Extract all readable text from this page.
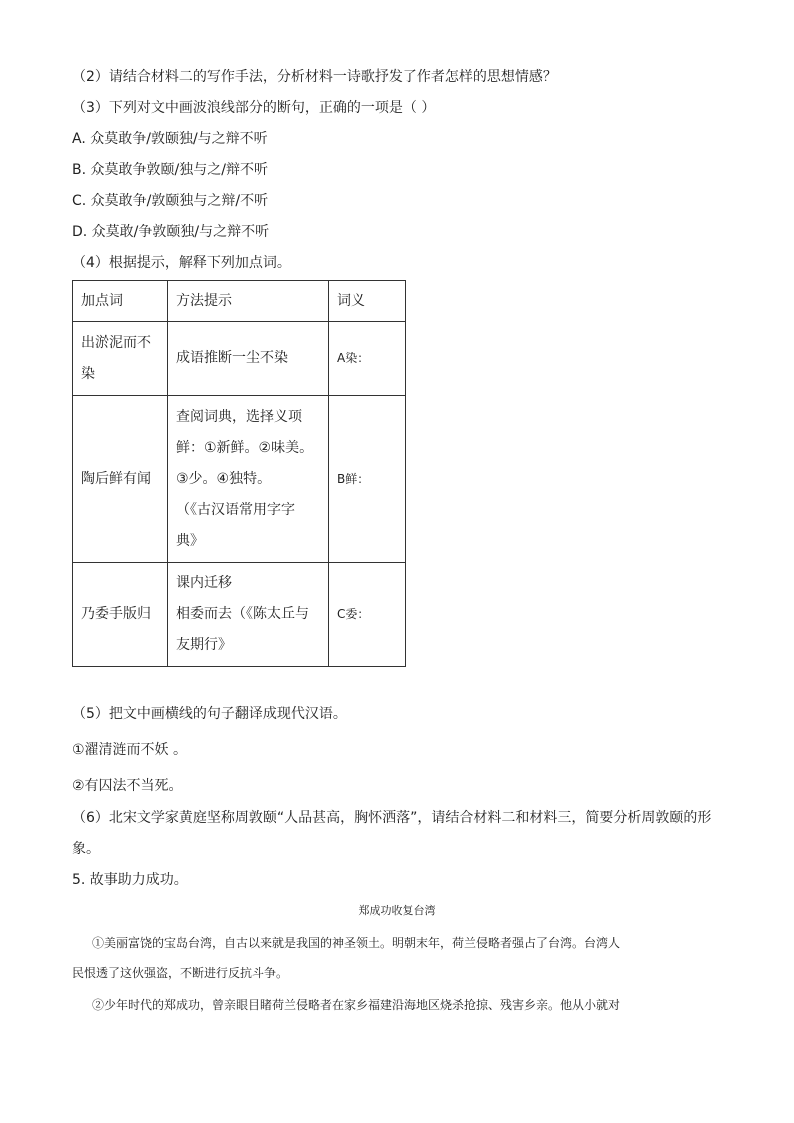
（2）请结合材料二的写作手法，分析材料一诗歌抒发了作者怎样的思想情感？
（3）下列对文中画波浪线部分的断句，正确的一项是（ ）
A. 众莫敢争/敦颐独/与之辩不听
B. 众莫敢争敦颐/独与之/辩不听
C. 众莫敢争/敦颐独与之辩/不听
D. 众莫敢/争敦颐独/与之辩不听
（4）根据提示，解释下列加点词。
加点词	方法提示	词义

出淤泥而不
染	成语推断一尘不染	A染：

陶后鲜有闻	查阅词典，选择义项
鲜：①新鲜。②味美。
③少。④独特。
（《古汉语常用字字
典》	B鲜：

乃委手版归	课内迁移
相委而去（《陈太丘与
友期行》	C委：
（5）把文中画横线的句子翻译成现代汉语。
①濯清涟而不妖 。
②有囚法不当死。
（6）北宋文学家黄庭坚称周敦颐“人品甚高，胸怀洒落”，请结合材料二和材料三，简要分析周敦颐的形
象。
5. 故事助力成功。
郑成功收复台湾
①美丽富饶的宝岛台湾，自古以来就是我国的神圣领土。明朝末年，荷兰侵略者强占了台湾。台湾人
民恨透了这伙强盗，不断进行反抗斗争。
②少年时代的郑成功，曾亲眼目睹荷兰侵略者在家乡福建沿海地区烧杀抢掠、残害乡亲。他从小就对
